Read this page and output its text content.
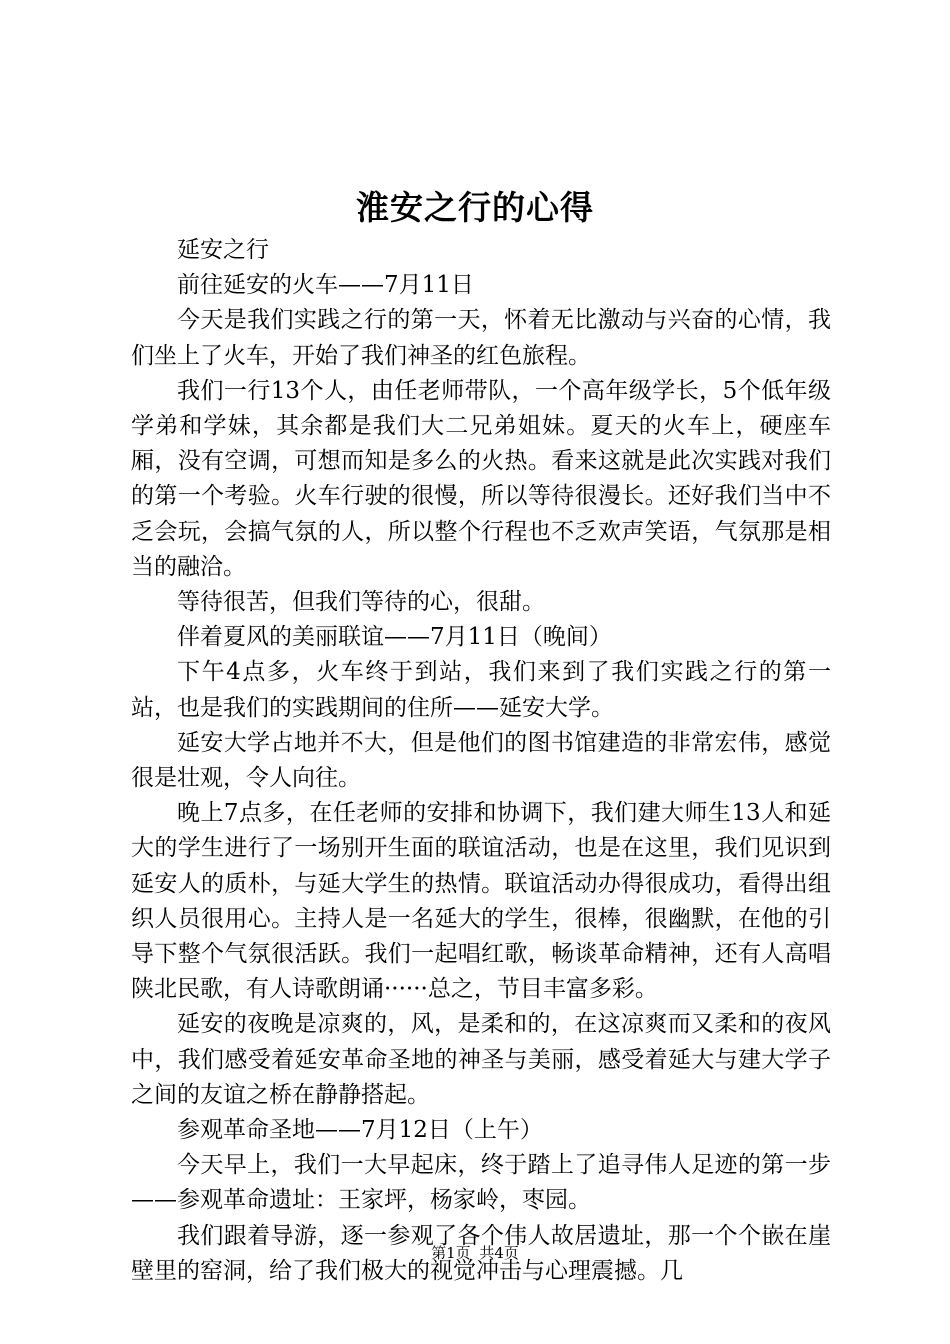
淮安之行的心得

延安之行

前往延安的火车——7月11日

今天是我们实践之行的第一天，怀着无比激动与兴奋的心情，我们坐上了火车，开始了我们神圣的红色旅程。

我们一行13个人，由任老师带队，一个高年级学长，5个低年级学弟和学妹，其余都是我们大二兄弟姐妹。夏天的火车上，硬座车厢，没有空调，可想而知是多么的火热。看来这就是此次实践对我们的第一个考验。火车行驶的很慢，所以等待很漫长。还好我们当中不乏会玩，会搞气氛的人，所以整个行程也不乏欢声笑语，气氛那是相当的融洽。

等待很苦，但我们等待的心，很甜。

伴着夏风的美丽联谊——7月11日（晚间）

下午4点多，火车终于到站，我们来到了我们实践之行的第一站，也是我们的实践期间的住所——延安大学。

延安大学占地并不大，但是他们的图书馆建造的非常宏伟，感觉很是壮观，令人向往。

晚上7点多，在任老师的安排和协调下，我们建大师生13人和延大的学生进行了一场别开生面的联谊活动，也是在这里，我们见识到延安人的质朴，与延大学生的热情。联谊活动办得很成功，看得出组织人员很用心。主持人是一名延大的学生，很棒，很幽默，在他的引导下整个气氛很活跃。我们一起唱红歌，畅谈革命精神，还有人高唱陕北民歌，有人诗歌朗诵······总之，节目丰富多彩。

延安的夜晚是凉爽的，风，是柔和的，在这凉爽而又柔和的夜风中，我们感受着延安革命圣地的神圣与美丽，感受着延大与建大学子之间的友谊之桥在静静搭起。

参观革命圣地——7月12日（上午）

今天早上，我们一大早起床，终于踏上了追寻伟人足迹的第一步——参观革命遗址：王家坪，杨家岭，枣园。

我们跟着导游，逐一参观了各个伟人故居遗址，那一个个嵌在崖壁里的窑洞，给了我们极大的视觉冲击与心理震撼。几

第1页 共4页
